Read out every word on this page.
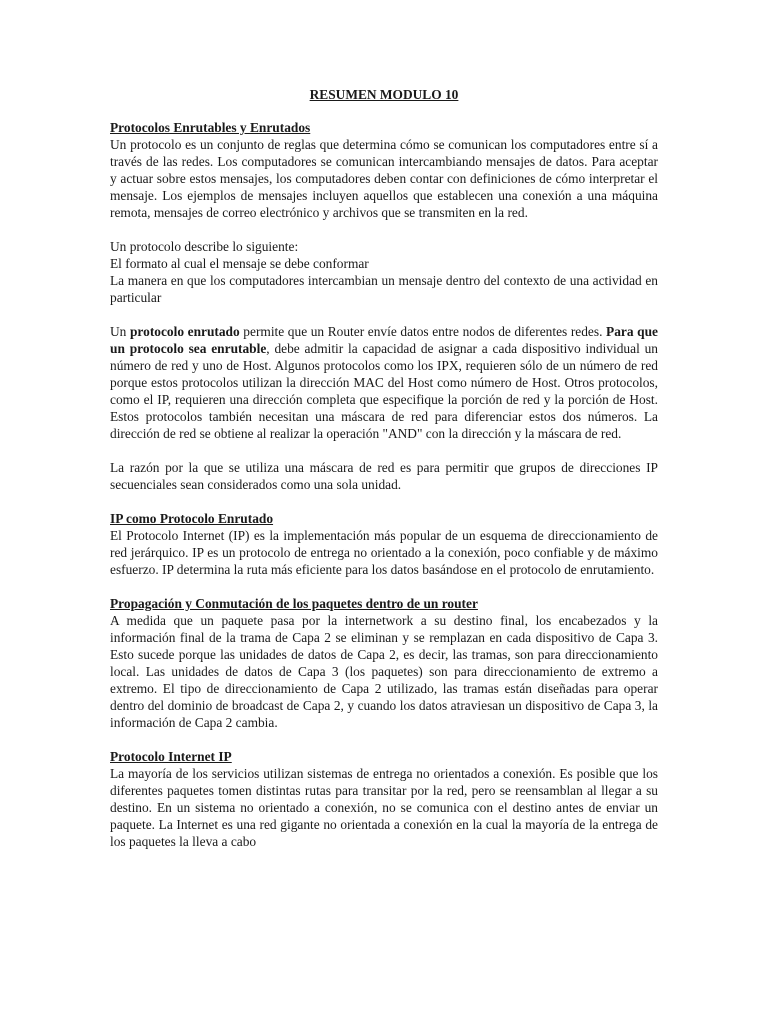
RESUMEN MODULO 10
Protocolos Enrutables y Enrutados

Un protocolo es un conjunto de reglas que determina cómo se comunican los computadores entre sí a través de las redes. Los computadores se comunican intercambiando mensajes de datos. Para aceptar y actuar sobre estos mensajes, los computadores deben contar con definiciones de cómo interpretar el mensaje. Los ejemplos de mensajes incluyen aquellos que establecen una conexión a una máquina remota, mensajes de correo electrónico y archivos que se transmiten en la red.

Un protocolo describe lo siguiente:

El formato al cual el mensaje se debe conformar

La manera en que los computadores intercambian un mensaje dentro del contexto de una actividad en particular

Un protocolo enrutado permite que un Router envíe datos entre nodos de diferentes redes. Para que un protocolo sea enrutable, debe admitir la capacidad de asignar a cada dispositivo individual un número de red y uno de Host. Algunos protocolos como los IPX, requieren sólo de un número de red porque estos protocolos utilizan la dirección MAC del Host como número de Host. Otros protocolos, como el IP, requieren una dirección completa que especifique la porción de red y la porción de Host. Estos protocolos también necesitan una máscara de red para diferenciar estos dos números. La dirección de red se obtiene al realizar la operación "AND" con la dirección y la máscara de red.

La razón por la que se utiliza una máscara de red es para permitir que grupos de direcciones IP secuenciales sean considerados como una sola unidad.

IP como Protocolo Enrutado

El Protocolo Internet (IP) es la implementación más popular de un esquema de direccionamiento de red jerárquico. IP es un protocolo de entrega no orientado a la conexión, poco confiable y de máximo esfuerzo. IP determina la ruta más eficiente para los datos basándose en el protocolo de enrutamiento.

Propagación y Conmutación de los paquetes dentro de un router

A medida que un paquete pasa por la internetwork a su destino final, los encabezados y la información final de la trama de Capa 2 se eliminan y se remplazan en cada dispositivo de Capa 3. Esto sucede porque las unidades de datos de Capa 2, es decir, las tramas, son para direccionamiento local. Las unidades de datos de Capa 3 (los paquetes) son para direccionamiento de extremo a extremo. El tipo de direccionamiento de Capa 2 utilizado, las tramas están diseñadas para operar dentro del dominio de broadcast de Capa 2, y cuando los datos atraviesan un dispositivo de Capa 3, la información de Capa 2 cambia.

Protocolo Internet IP

La mayoría de los servicios utilizan sistemas de entrega no orientados a conexión. Es posible que los diferentes paquetes tomen distintas rutas para transitar por la red, pero se reensamblan al llegar a su destino. En un sistema no orientado a conexión, no se comunica con el destino antes de enviar un paquete. La Internet es una red gigante no orientada a conexión en la cual la mayoría de la entrega de los paquetes la lleva a cabo
